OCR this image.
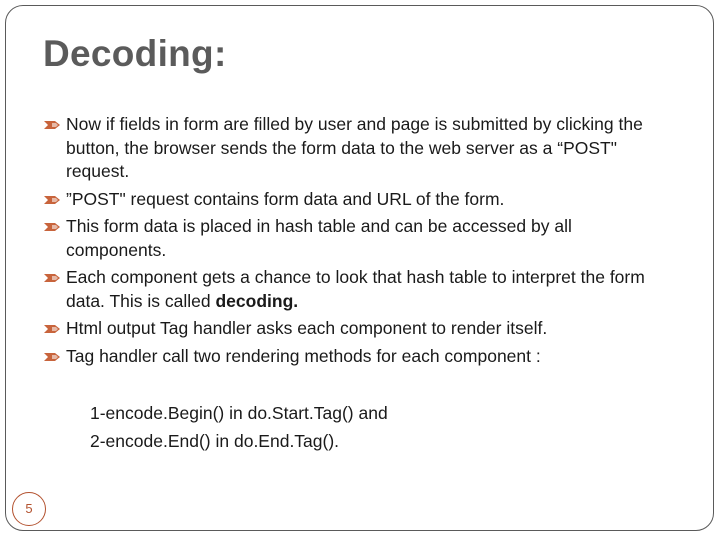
Decoding:
Now if fields in form are filled by user and page is submitted by clicking the button, the browser sends the form data to the web server as a “POST" request.
”POST" request contains form data and URL of the form.
This form data is placed in hash table and can be accessed by all components.
Each component gets a chance to look that hash table to interpret the form data. This is called decoding.
Html output Tag handler asks each component to render itself.
Tag handler call two rendering methods for each component :
1-encode.Begin() in do.Start.Tag() and
2-encode.End() in do.End.Tag().
5
